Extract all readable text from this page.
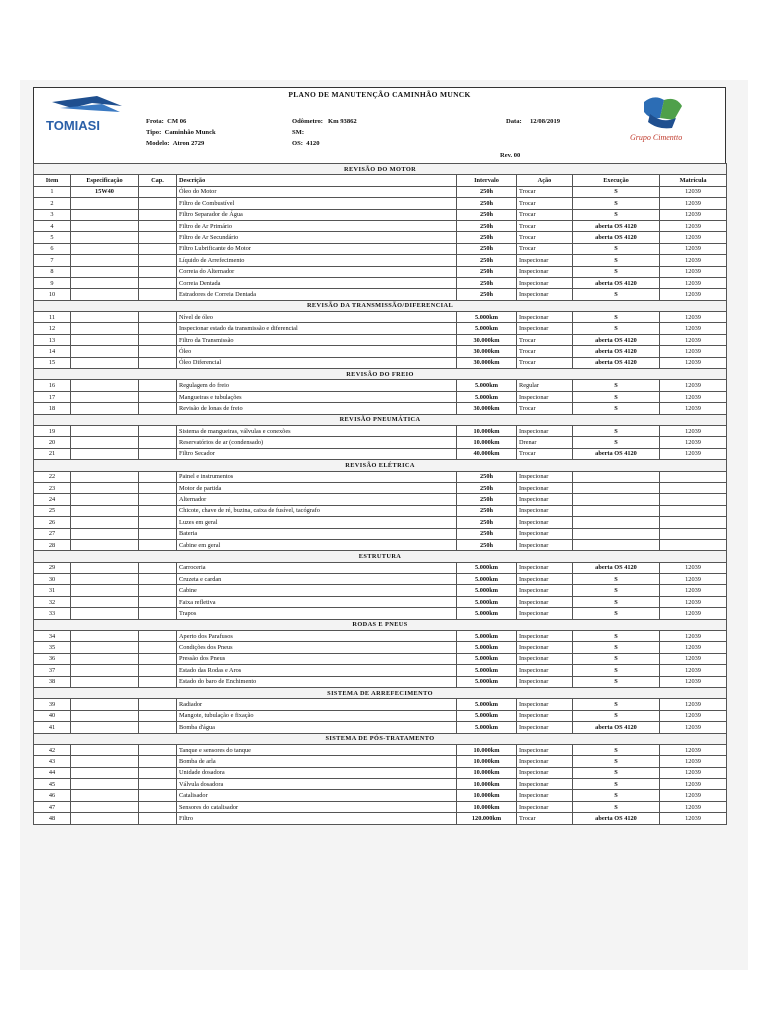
PLANO DE MANUTENÇÃO CAMINHÃO MUNCK
TOMIASI
Grupo Cimentto
Frota: CM 06
Tipo: Caminhão Munck
Modelo: Atron 2729
Odômetro: Km 93862
SM:
OS: 4120
Data: 12/08/2019
Rev. 00
REVISÃO DO MOTOR							
Item	Especificação	Cap.	Descrição	Intervalo	Ação	Execução	Matrícula
1	15W40		Óleo do Motor	250h	Trocar	S	12039
2			Filtro de Combustível	250h	Trocar	S	12039
3			Filtro Separador de Água	250h	Trocar	S	12039
4			Filtro de Ar Primário	250h	Trocar	aberta OS 4120	12039
5			Filtro de Ar Secundário	250h	Trocar	aberta OS 4120	12039
6			Filtro Lubrificante do Motor	250h	Trocar	S	12039
7			Líquido de Arrefecimento	250h	Inspecionar	S	12039
8			Correia do Alternador	250h	Inspecionar	S	12039
9			Correia Dentada	250h	Inspecionar	aberta OS 4120	12039
10			Estradores de Correia Dentada	250h	Inspecionar	S	12039
REVISÃO DA TRANSMISSÃO/DIFERENCIAL							
11			Nível de óleo	5.000km	Inspecionar	S	12039
12			Inspecionar estado da transmissão e diferencial	5.000km	Inspecionar	S	12039
13			Filtro da Transmissão	30.000km	Trocar	aberta OS 4120	12039
14			Óleo	30.000km	Trocar	aberta OS 4120	12039
15			Óleo Diferencial	30.000km	Trocar	aberta OS 4120	12039
REVISÃO DO FREIO							
16			Regulagem do freio	5.000km	Regular	S	12039
17			Mangueiras e tubulações	5.000km	Inspecionar	S	12039
18			Revisão de lonas de freio	30.000km	Trocar	S	12039
REVISÃO PNEUMÁTICA							
19			Sistema de mangueiras, válvulas e conexões	10.000km	Inspecionar	S	12039
20			Reservatórios de ar (condensado)	10.000km	Drenar	S	12039
21			Filtro Secador	40.000km	Trocar	aberta OS 4120	12039
REVISÃO ELÉTRICA							
22			Painel e instrumentos	250h	Inspecionar		
23			Motor de partida	250h	Inspecionar		
24			Alternador	250h	Inspecionar		
25			Chicote, chave de ré, buzina, caixa de fusível, tacógrafo	250h	Inspecionar		
26			Luzes em geral	250h	Inspecionar		
27			Bateria	250h	Inspecionar		
28			Cabine em geral	250h	Inspecionar		
ESTRUTURA							
29			Carroceria	5.000km	Inspecionar	aberta OS 4120	12039
30			Cruzeta e cardan	5.000km	Inspecionar	S	12039
31			Cabine	5.000km	Inspecionar	S	12039
32			Faixa refletiva	5.000km	Inspecionar	S	12039
33			Trapos	5.000km	Inspecionar	S	12039
RODAS E PNEUS							
34			Aperto dos Parafusos	5.000km	Inspecionar	S	12039
35			Condições dos Pneus	5.000km	Inspecionar	S	12039
36			Pressão dos Pneus	5.000km	Inspecionar	S	12039
37			Estado das Rodas e Aros	5.000km	Inspecionar	S	12039
38			Estado do baro de Enchimento	5.000km	Inspecionar	S	12039
SISTEMA DE ARREFECIMENTO							
39			Radiador	5.000km	Inspecionar	S	12039
40			Mangote, tubulação e fixação	5.000km	Inspecionar	S	12039
41			Bomba d'água	5.000km	Inspecionar	aberta OS 4120	12039
SISTEMA DE PÓS-TRATAMENTO							
42			Tanque e sensores do tanque	10.000km	Inspecionar	S	12039
43			Bomba de arla	10.000km	Inspecionar	S	12039
44			Unidade dosadora	10.000km	Inspecionar	S	12039
45			Válvula dosadora	10.000km	Inspecionar	S	12039
46			Catalisador	10.000km	Inspecionar	S	12039
47			Sensores do catalisador	10.000km	Inspecionar	S	12039
48			Filtro	120.000km	Trocar	aberta OS 4120	12039
